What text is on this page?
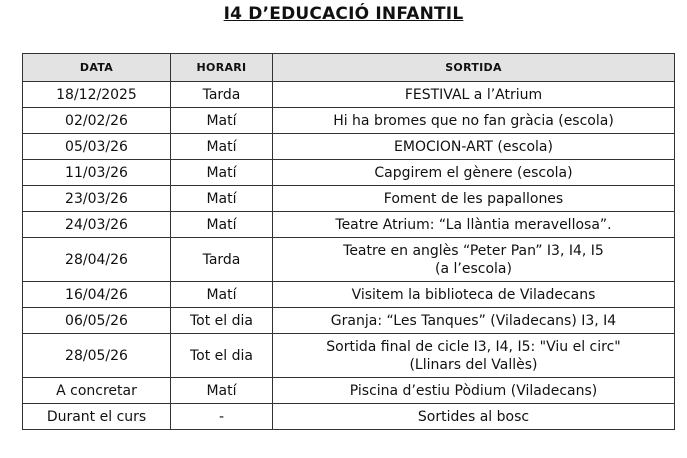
I4 D’EDUCACIÓ INFANTIL
DATA	HORARI	SORTIDA
18/12/2025	Tarda	FESTIVAL a l’Atrium

02/02/26	Matí	Hi ha bromes que no fan gràcia (escola)

05/03/26	Matí	EMOCION-ART (escola)

11/03/26	Matí	Capgirem el gènere (escola)

23/03/26	Matí	Foment de les papallones

24/03/26	Matí	Teatre Atrium: “La llàntia meravellosa”.

28/04/26	Tarda	Teatre en anglès “Peter Pan” I3, I4, I5
(a l’escola)

16/04/26	Matí	Visitem la biblioteca de Viladecans

06/05/26	Tot el dia	Granja: “Les Tanques” (Viladecans) I3, I4

28/05/26	Tot el dia	Sortida final de cicle I3, I4, I5: "Viu el circ"
(Llinars del Vallès)

A concretar	Matí	Piscina d’estiu Pòdium (Viladecans)

Durant el curs	-	Sortides al bosc
